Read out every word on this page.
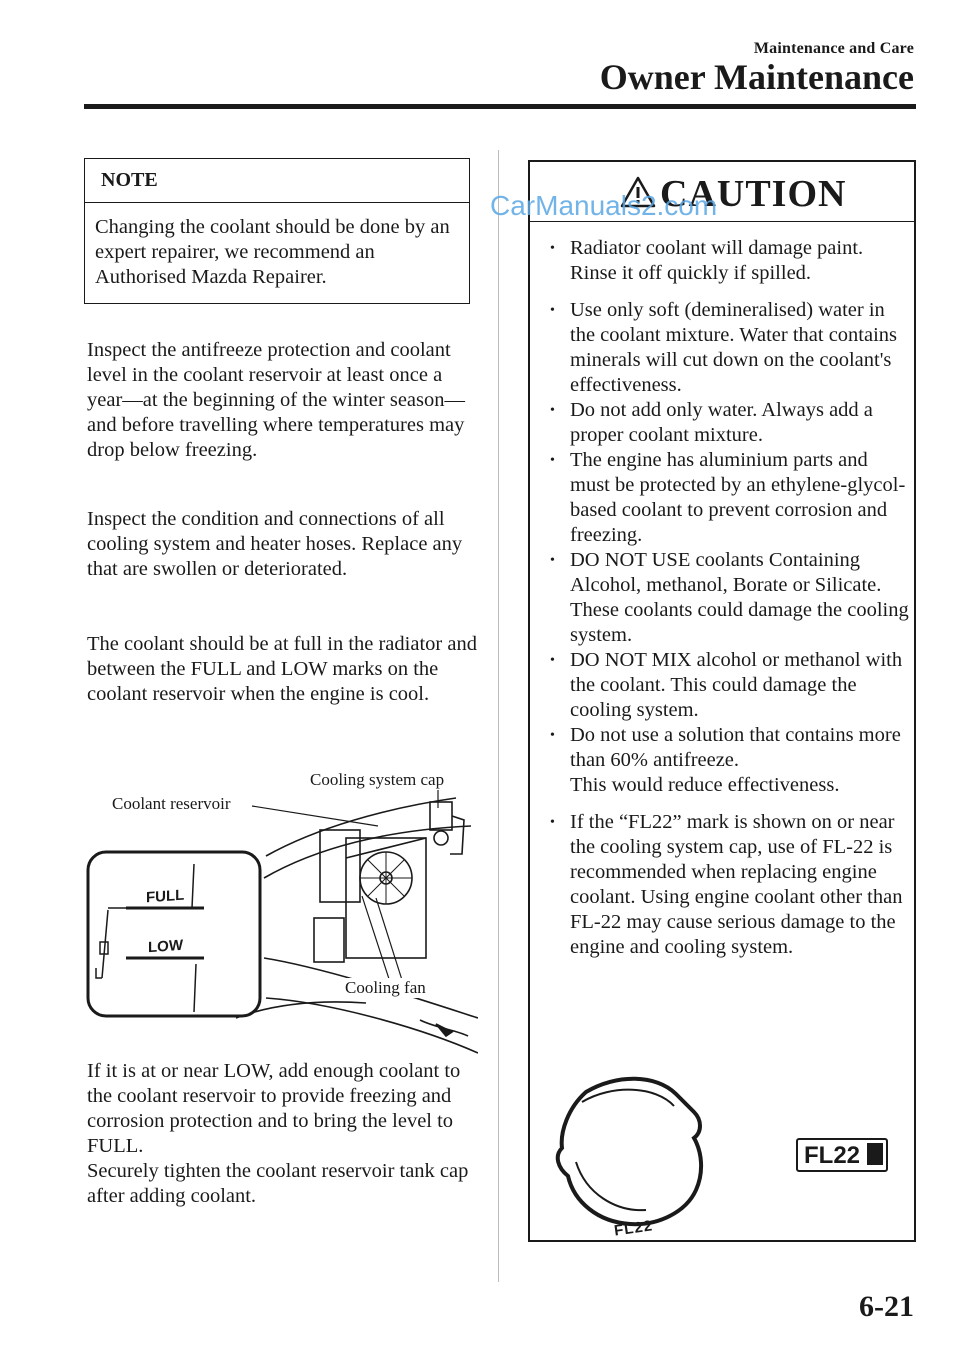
Maintenance and Care
Owner Maintenance
NOTE
Changing the coolant should be done by an expert repairer, we recommend an Authorised Mazda Repairer.

Inspect the antifreeze protection and coolant level in the coolant reservoir at least once a year—at the beginning of the winter season—and before travelling where temperatures may drop below freezing.

Inspect the condition and connections of all cooling system and heater hoses. Replace any that are swollen or deteriorated.

The coolant should be at full in the radiator and between the FULL and LOW marks on the coolant reservoir when the engine is cool.

Cooling system cap
Coolant reservoir
Cooling fan
FULL
LOW

If it is at or near LOW, add enough coolant to the coolant reservoir to provide freezing and corrosion protection and to bring the level to FULL.

Securely tighten the coolant reservoir tank cap after adding coolant.

CAUTION
• Radiator coolant will damage paint. Rinse it off quickly if spilled.
• Use only soft (demineralised) water in the coolant mixture. Water that contains minerals will cut down on the coolant's effectiveness.
• Do not add only water. Always add a proper coolant mixture.
• The engine has aluminium parts and must be protected by an ethylene-glycol-based coolant to prevent corrosion and freezing.
• DO NOT USE coolants Containing Alcohol, methanol, Borate or Silicate.
These coolants could damage the cooling system.
• DO NOT MIX alcohol or methanol with the coolant. This could damage the cooling system.
• Do not use a solution that contains more than 60% antifreeze.
This would reduce effectiveness.
• If the “FL22” mark is shown on or near the cooling system cap, use of FL-22 is recommended when replacing engine coolant. Using engine coolant other than FL-22 may cause serious damage to the engine and cooling system.
FL22
FL22
CarManuals2.com
6-21
